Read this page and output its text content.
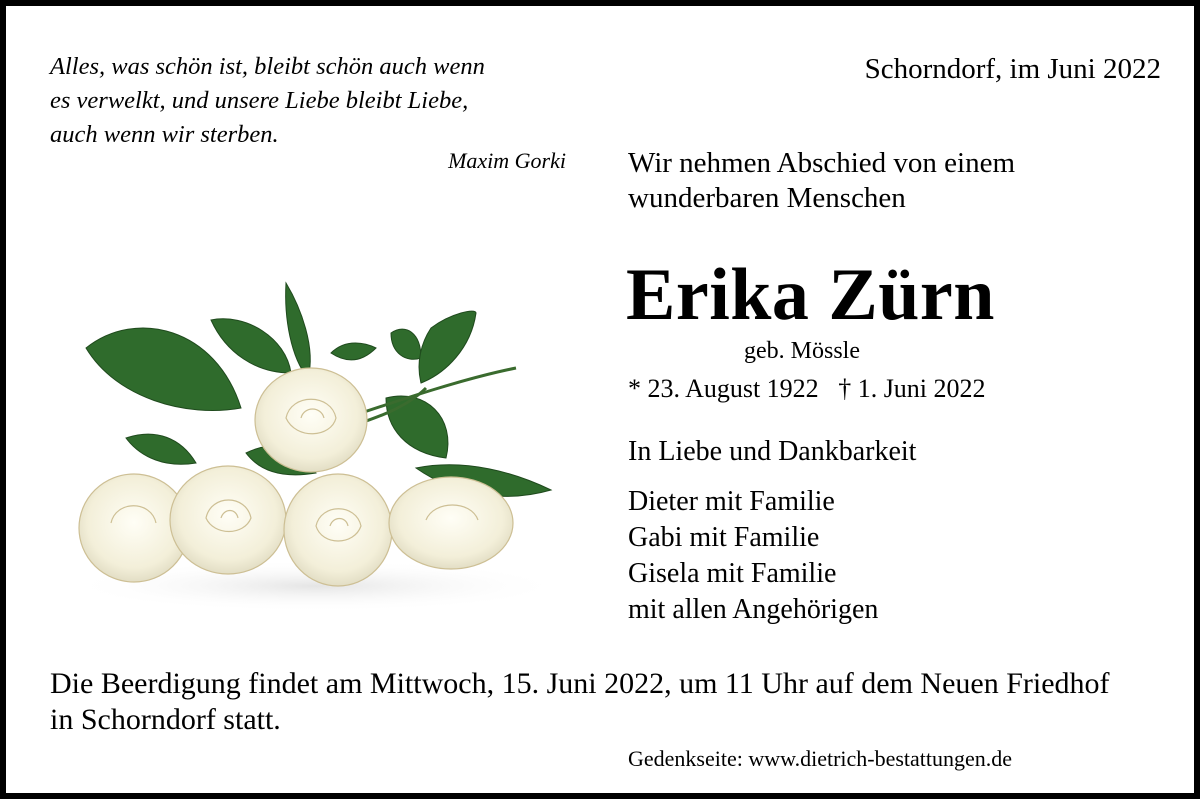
Alles, was schön ist, bleibt schön auch wenn
es verwelkt, und unsere Liebe bleibt Liebe,
auch wenn wir sterben.
Maxim Gorki
Schorndorf, im Juni 2022
Wir nehmen Abschied von einem
wunderbaren Menschen
Erika Zürn
geb. Mössle
* 23. August 1922 † 1. Juni 2022
In Liebe und Dankbarkeit
Dieter mit Familie
Gabi mit Familie
Gisela mit Familie
mit allen Angehörigen
Die Beerdigung findet am Mittwoch, 15. Juni 2022, um 11 Uhr auf dem Neuen Friedhof
in Schorndorf statt.
Gedenkseite: www.dietrich-bestattungen.de
